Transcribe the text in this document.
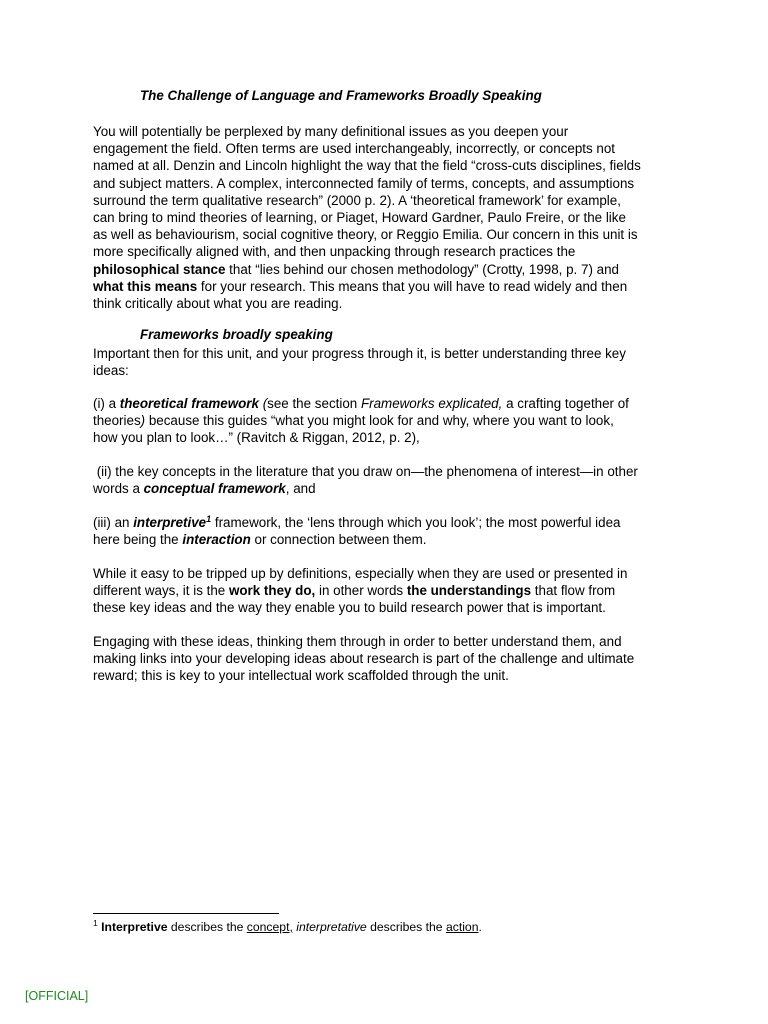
The Challenge of Language and Frameworks Broadly Speaking

You will potentially be perplexed by many definitional issues as you deepen your
engagement the field. Often terms are used interchangeably, incorrectly, or concepts not
named at all. Denzin and Lincoln highlight the way that the field “cross-cuts disciplines, fields
and subject matters. A complex, interconnected family of terms, concepts, and assumptions
surround the term qualitative research” (2000 p. 2). A ‘theoretical framework’ for example,
can bring to mind theories of learning, or Piaget, Howard Gardner, Paulo Freire, or the like
as well as behaviourism, social cognitive theory, or Reggio Emilia. Our concern in this unit is
more specifically aligned with, and then unpacking through research practices the
philosophical stance that “lies behind our chosen methodology” (Crotty, 1998, p. 7) and
what this means for your research. This means that you will have to read widely and then
think critically about what you are reading.

Frameworks broadly speaking

Important then for this unit, and your progress through it, is better understanding three key
ideas:

(i) a theoretical framework (see the section Frameworks explicated, a crafting together of
theories) because this guides “what you might look for and why, where you want to look,
how you plan to look…” (Ravitch & Riggan, 2012, p. 2),

(ii) the key concepts in the literature that you draw on—the phenomena of interest—in other
words a conceptual framework, and

(iii) an interpretive$^1$ framework, the ‘lens through which you look’; the most powerful idea
here being the interaction or connection between them.

While it easy to be tripped up by definitions, especially when they are used or presented in
different ways, it is the work they do, in other words the understandings that flow from
these key ideas and the way they enable you to build research power that is important.

Engaging with these ideas, thinking them through in order to better understand them, and
making links into your developing ideas about research is part of the challenge and ultimate
reward; this is key to your intellectual work scaffolded through the unit.

$^1$ Interpretive describes the concept, interpretative describes the action.
[OFFICIAL]
